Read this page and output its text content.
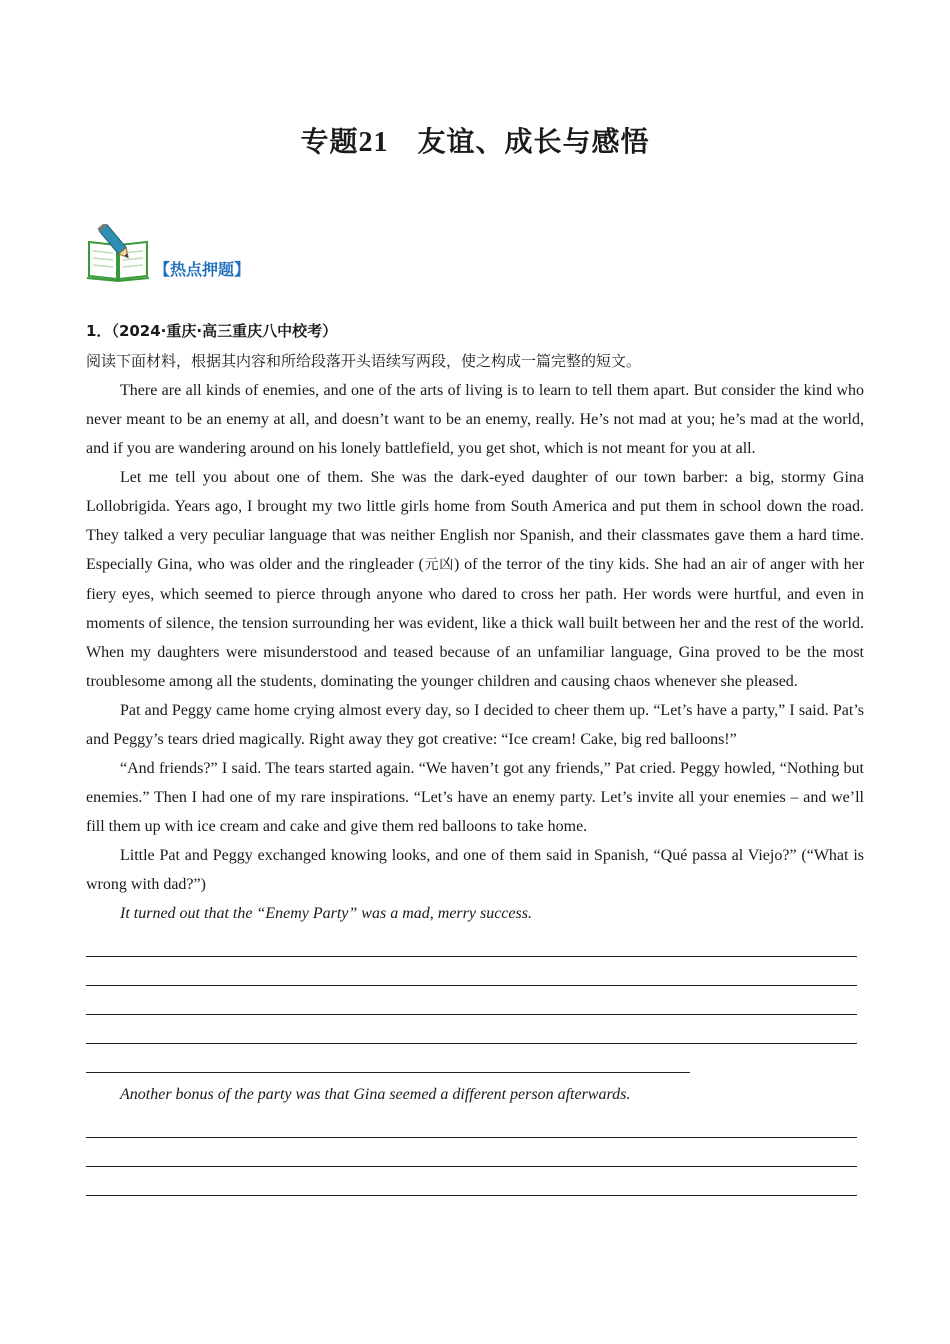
专题21　友谊、成长与感悟
【热点押题】
1．（2024·重庆·高三重庆八中校考）

阅读下面材料，根据其内容和所给段落开头语续写两段，使之构成一篇完整的短文。

There are all kinds of enemies, and one of the arts of living is to learn to tell them apart. But consider the kind who never meant to be an enemy at all, and doesn’t want to be an enemy, really. He’s not mad at you; he’s mad at the world, and if you are wandering around on his lonely battlefield, you get shot, which is not meant for you at all.

Let me tell you about one of them. She was the dark-eyed daughter of our town barber: a big, stormy Gina Lollobrigida. Years ago, I brought my two little girls home from South America and put them in school down the road. They talked a very peculiar language that was neither English nor Spanish, and their classmates gave them a hard time. Especially Gina, who was older and the ringleader (元凶) of the terror of the tiny kids. She had an air of anger with her fiery eyes, which seemed to pierce through anyone who dared to cross her path. Her words were hurtful, and even in moments of silence, the tension surrounding her was evident, like a thick wall built between her and the rest of the world. When my daughters were misunderstood and teased because of an unfamiliar language, Gina proved to be the most troublesome among all the students, dominating the younger children and causing chaos whenever she pleased.

Pat and Peggy came home crying almost every day, so I decided to cheer them up. “Let’s have a party,” I said. Pat’s and Peggy’s tears dried magically. Right away they got creative: “Ice cream! Cake, big red balloons!”

“And friends?” I said. The tears started again. “We haven’t got any friends,” Pat cried. Peggy howled, “Nothing but enemies.” Then I had one of my rare inspirations. “Let’s have an enemy party. Let’s invite all your enemies – and we’ll fill them up with ice cream and cake and give them red balloons to take home.

Little Pat and Peggy exchanged knowing looks, and one of them said in Spanish, “Qué passa al Viejo?” (“What is wrong with dad?”)

It turned out that the “Enemy Party” was a mad, merry success.

Another bonus of the party was that Gina seemed a different person afterwards.
